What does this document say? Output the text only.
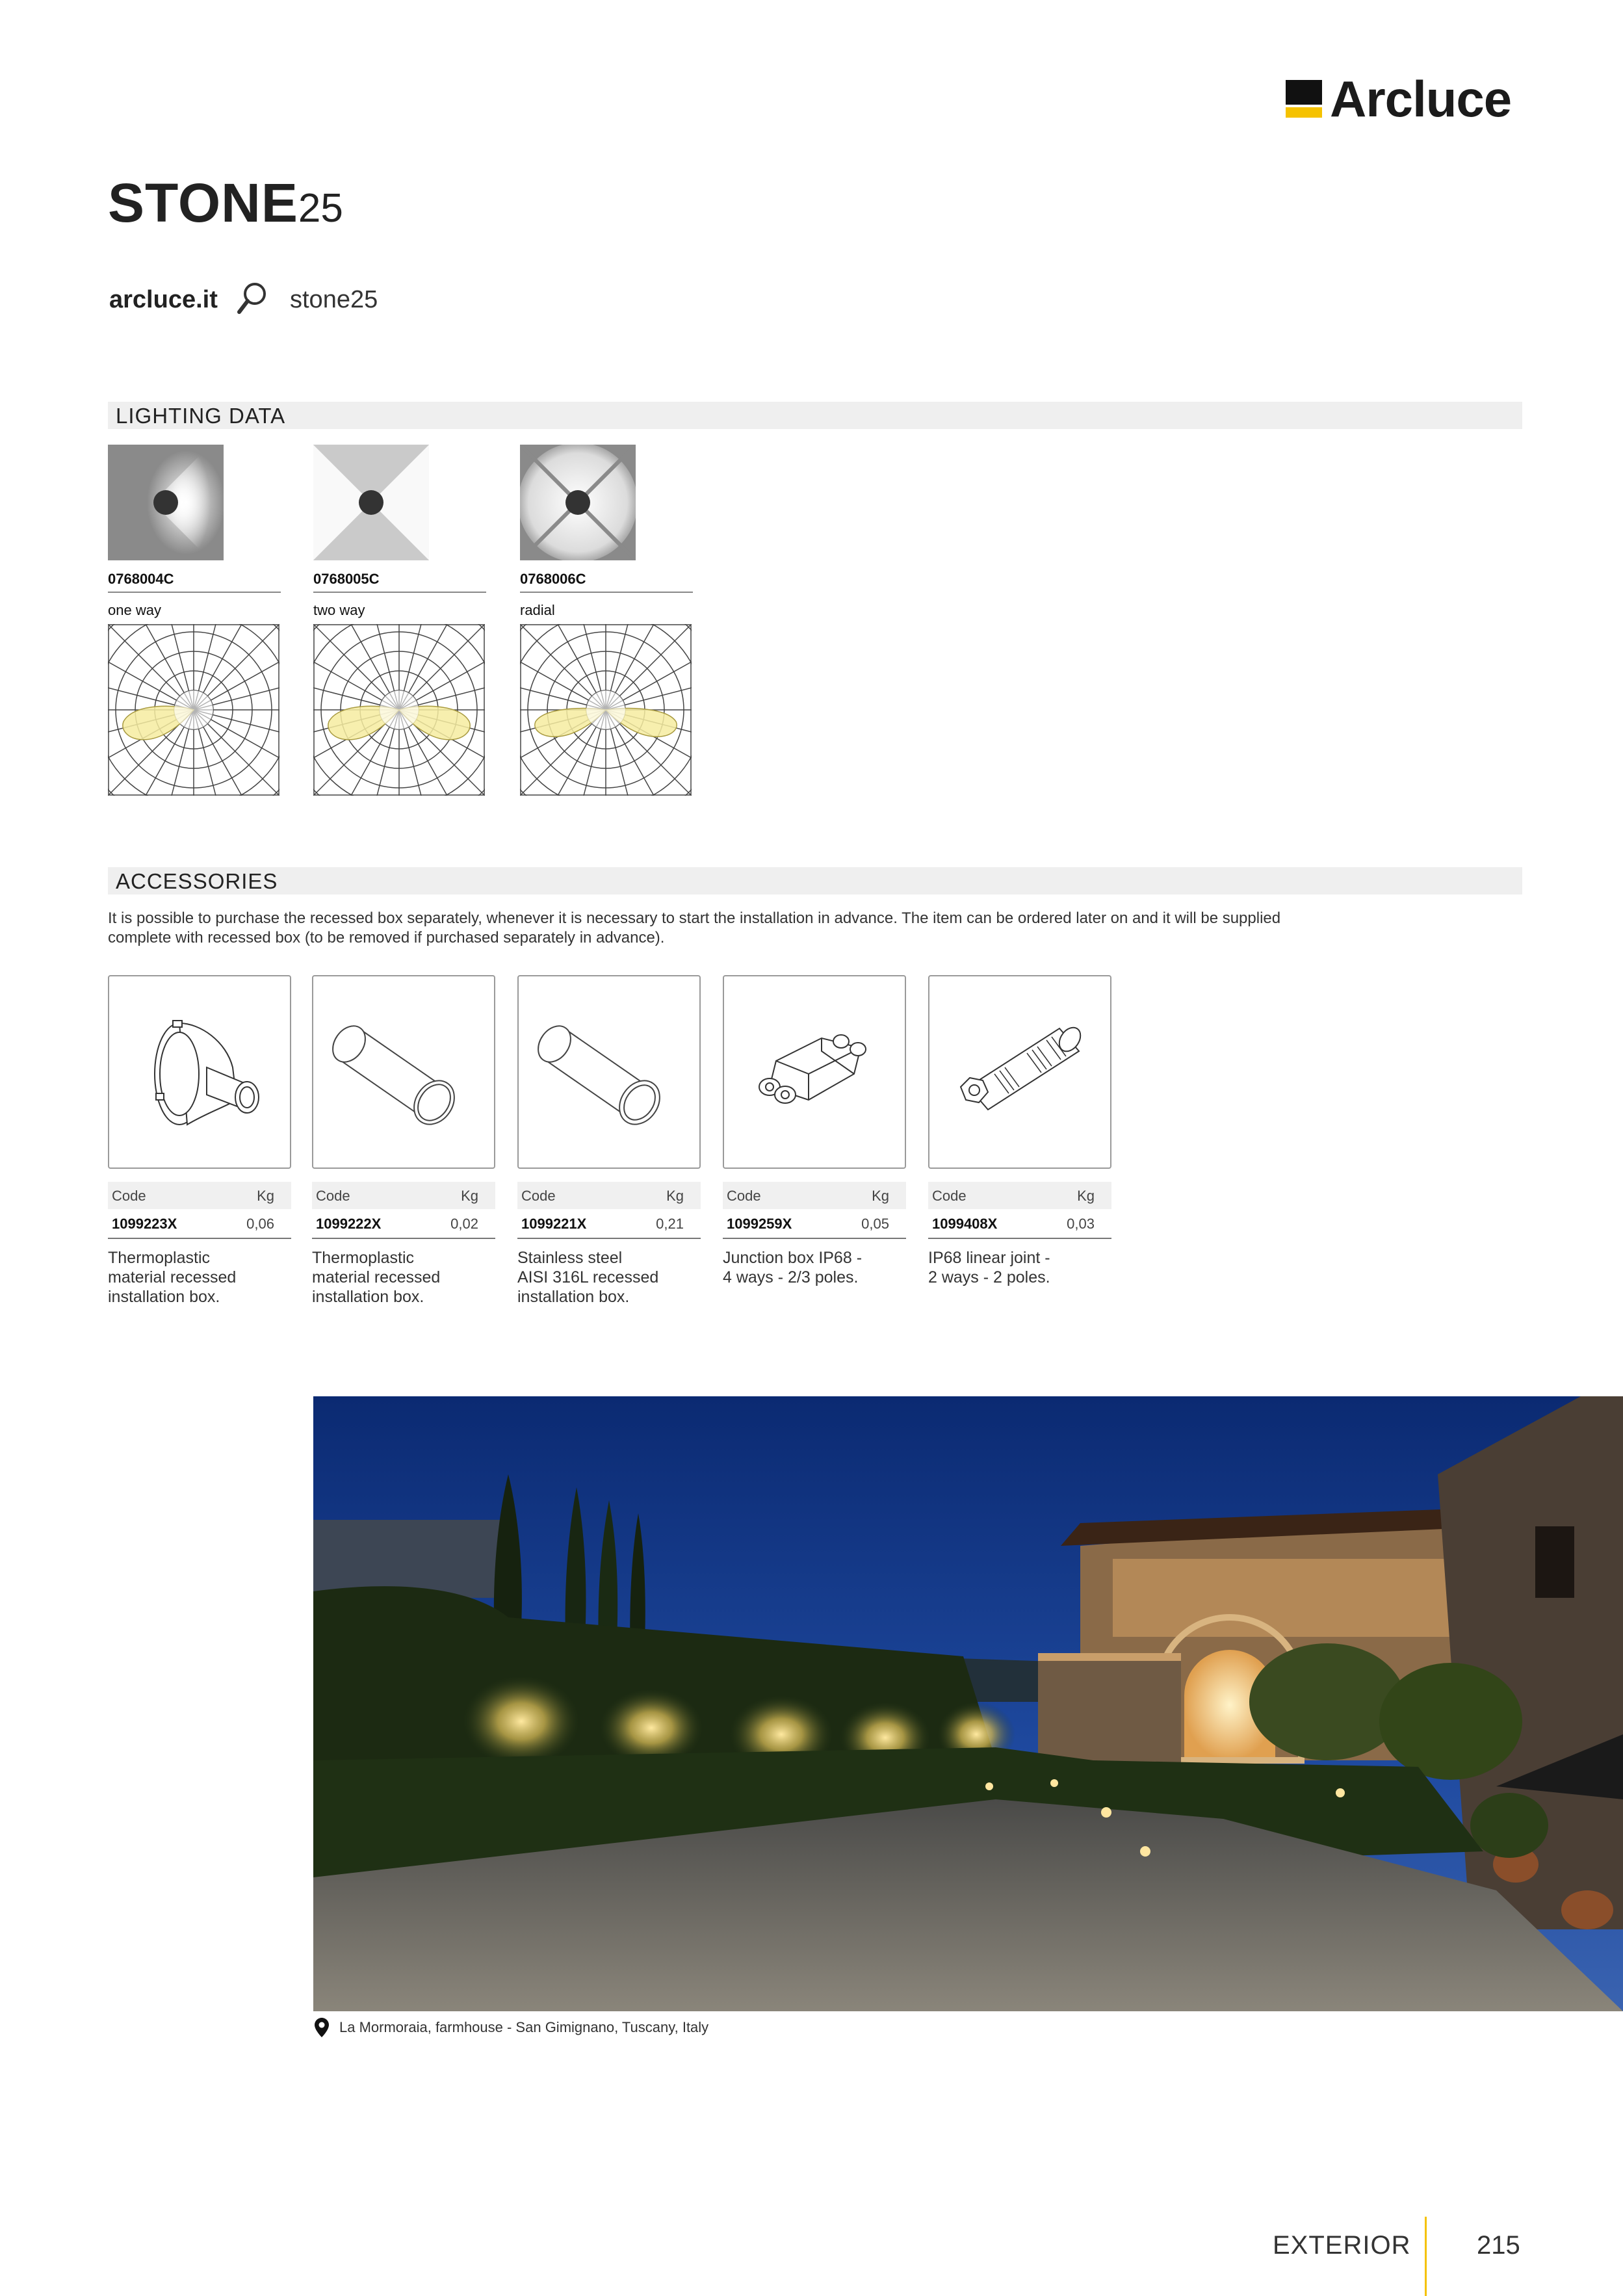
Arcluce
STONE25
arcluce.it	stone25
LIGHTING DATA
0768004C
one way
0768005C
two way
0768006C
radial
ACCESSORIES
It is possible to purchase the recessed box separately, whenever it is necessary to start the installation in advance. The item can be ordered later on and it will be supplied complete with recessed box (to be removed if purchased separately in advance).
Code	Kg
1099223X	0,06
Thermoplastic
material recessed
installation box.
Code	Kg
1099222X	0,02
Thermoplastic
material recessed
installation box.
Code	Kg
1099221X	0,21
Stainless steel
AISI 316L recessed
installation box.
Code	Kg
1099259X	0,05
Junction box IP68 -
4 ways - 2/3 poles.
Code	Kg
1099408X	0,03
IP68 linear joint -
2 ways - 2 poles.
La Mormoraia, farmhouse - San Gimignano, Tuscany, Italy
EXTERIOR	215
